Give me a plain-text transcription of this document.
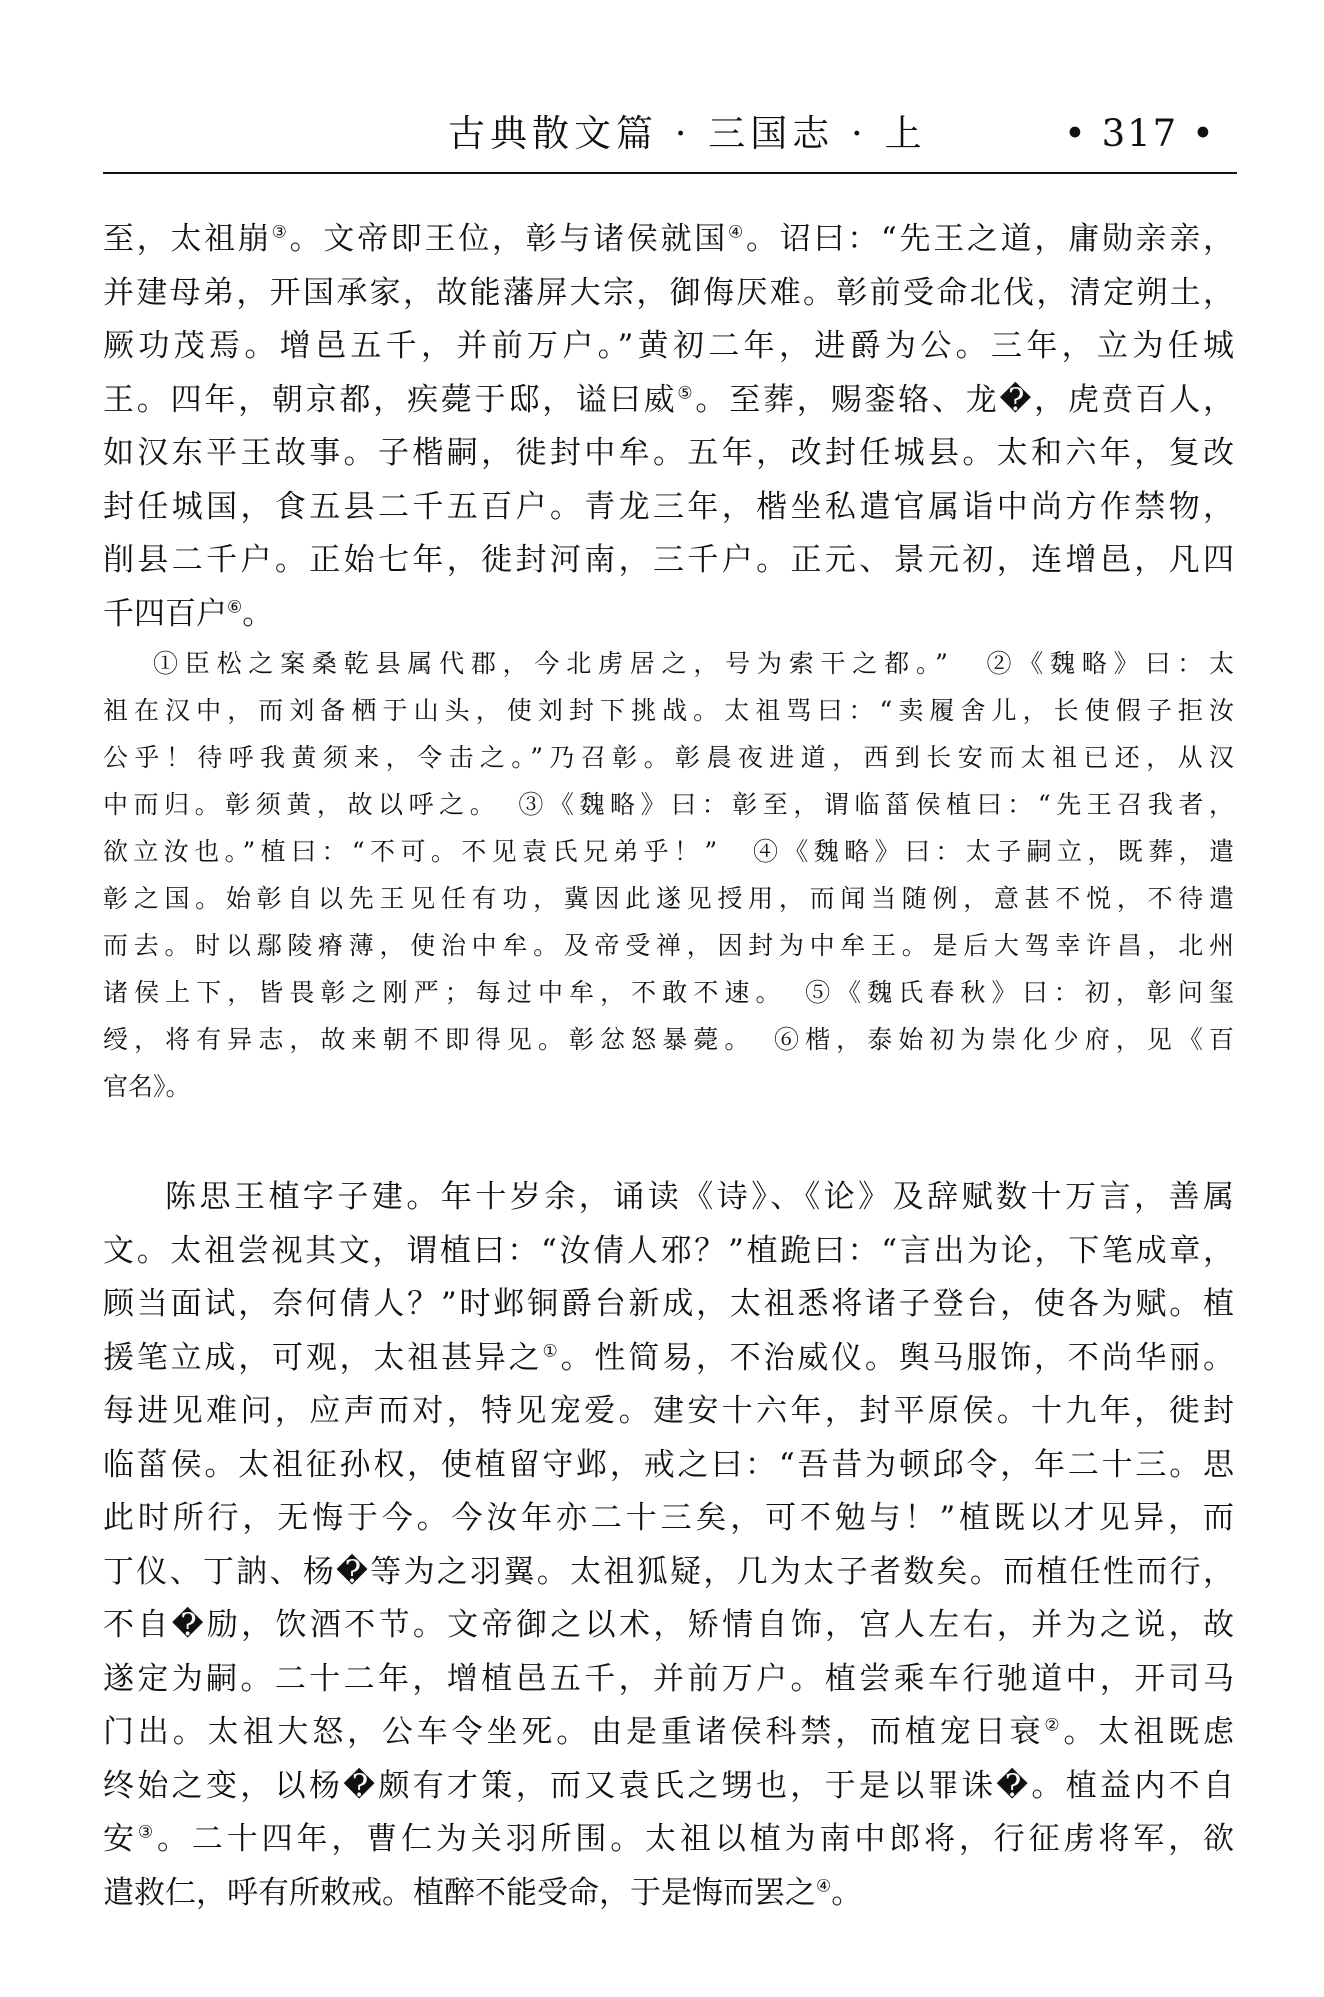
古典散文篇 · 三国志 · 上	• 317 •
至，太祖崩③。文帝即王位，彰与诸侯就国④。诏曰：“先王之道，庸勋亲亲，
并建母弟，开国承家，故能藩屏大宗，御侮厌难。彰前受命北伐，清定朔土，
厥功茂焉。增邑五千，并前万户。”黄初二年，进爵为公。三年，立为任城
王。四年，朝京都，疾薨于邸，谥曰威⑤。至葬，赐銮辂、龙�，虎贲百人，
如汉东平王故事。子楷嗣，徙封中牟。五年，改封任城县。太和六年，复改
封任城国，食五县二千五百户。青龙三年，楷坐私遣官属诣中尚方作禁物，
削县二千户。正始七年，徙封河南，三千户。正元、景元初，连增邑，凡四
千四百户⑥。
①臣松之案桑乾县属代郡，今北虏居之，号为索干之都。”　②《魏略》曰：太
祖在汉中，而刘备栖于山头，使刘封下挑战。太祖骂曰：“卖履舍儿，长使假子拒汝
公乎！待呼我黄须来，令击之。”乃召彰。彰晨夜进道，西到长安而太祖已还，从汉
中而归。彰须黄，故以呼之。　③《魏略》曰：彰至，谓临菑侯植曰：“先王召我者，
欲立汝也。”植曰：“不可。不见袁氏兄弟乎！”　④《魏略》曰：太子嗣立，既葬，遣
彰之国。始彰自以先王见任有功，冀因此遂见授用，而闻当随例，意甚不悦，不待遣
而去。时以鄢陵瘠薄，使治中牟。及帝受禅，因封为中牟王。是后大驾幸许昌，北州
诸侯上下，皆畏彰之刚严；每过中牟，不敢不速。　⑤《魏氏春秋》曰：初，彰问玺
绶，将有异志，故来朝不即得见。彰忿怒暴薨。　⑥楷，泰始初为崇化少府，见《百
官名》。
陈思王植字子建。年十岁余，诵读《诗》、《论》及辞赋数十万言，善属
文。太祖尝视其文，谓植曰：“汝倩人邪？”植跪曰：“言出为论，下笔成章，
顾当面试，奈何倩人？”时邺铜爵台新成，太祖悉将诸子登台，使各为赋。植
援笔立成，可观，太祖甚异之①。性简易，不治威仪。舆马服饰，不尚华丽。
每进见难问，应声而对，特见宠爱。建安十六年，封平原侯。十九年，徙封
临菑侯。太祖征孙权，使植留守邺，戒之曰：“吾昔为顿邱令，年二十三。思
此时所行，无悔于今。今汝年亦二十三矣，可不勉与！”植既以才见异，而
丁仪、丁訥、杨�等为之羽翼。太祖狐疑，几为太子者数矣。而植任性而行，
不自�励，饮酒不节。文帝御之以术，矫情自饰，宫人左右，并为之说，故
遂定为嗣。二十二年，增植邑五千，并前万户。植尝乘车行驰道中，开司马
门出。太祖大怒，公车令坐死。由是重诸侯科禁，而植宠日衰②。太祖既虑
终始之变，以杨�颇有才策，而又袁氏之甥也，于是以罪诛�。植益内不自
安③。二十四年，曹仁为关羽所围。太祖以植为南中郎将，行征虏将军，欲
遣救仁，呼有所敕戒。植醉不能受命，于是悔而罢之④。
